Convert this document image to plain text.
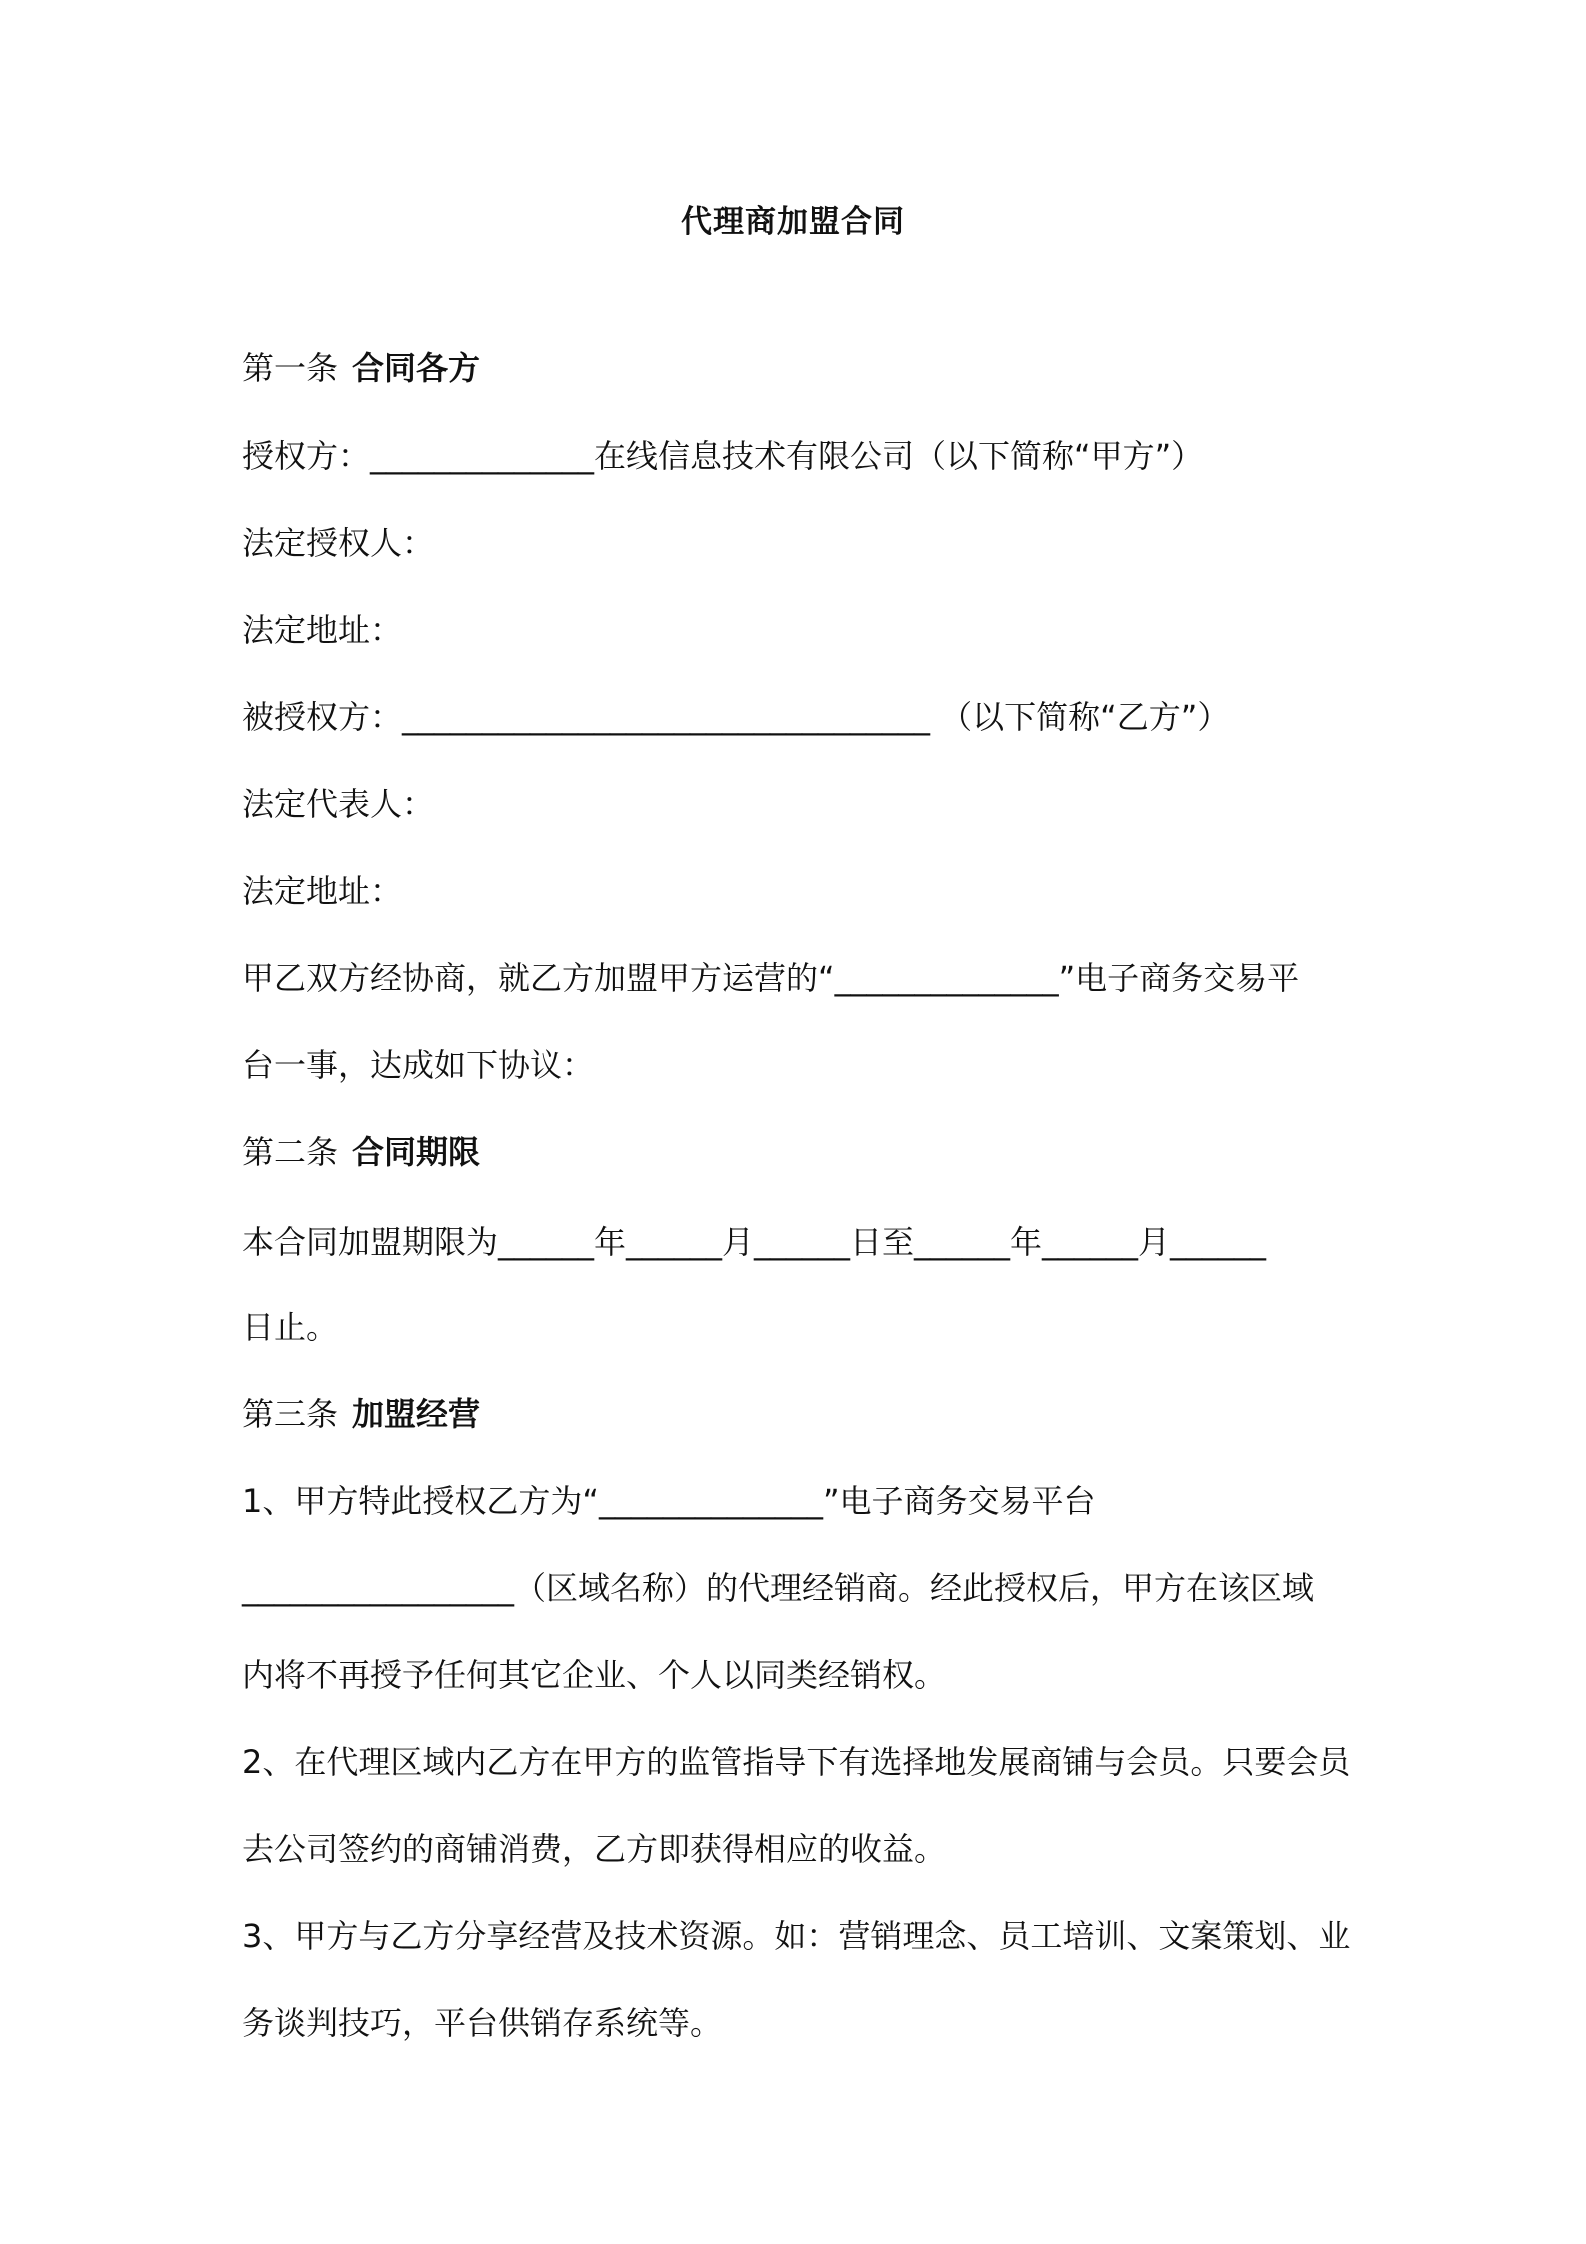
代理商加盟合同
第一条 合同各方
授权方：______________在线信息技术有限公司（以下简称“甲方”）
法定授权人：
法定地址：
被授权方：_________________________________ （以下简称“乙方”）
法定代表人：
法定地址：
甲乙双方经协商，就乙方加盟甲方运营的“______________”电子商务交易平
台一事，达成如下协议：
第二条 合同期限
本合同加盟期限为______年______月______日至______年______月______
日止。
第三条 加盟经营
1、甲方特此授权乙方为“______________”电子商务交易平台
_________________（区域名称）的代理经销商。经此授权后，甲方在该区域
内将不再授予任何其它企业、个人以同类经销权。
2、在代理区域内乙方在甲方的监管指导下有选择地发展商铺与会员。只要会员
去公司签约的商铺消费，乙方即获得相应的收益。
3、甲方与乙方分享经营及技术资源。如：营销理念、员工培训、文案策划、业
务谈判技巧，平台供销存系统等。
